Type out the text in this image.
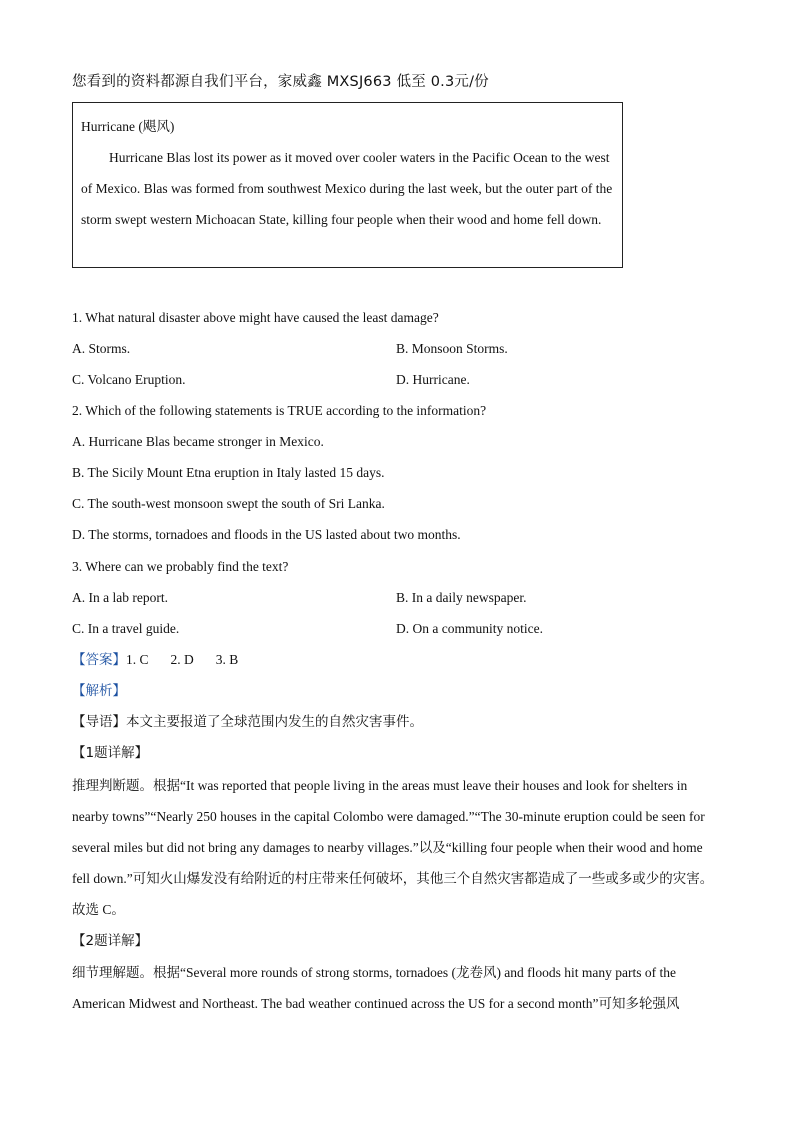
您看到的资料都源自我们平台，家威鑫 MXSJ663 低至 0.3元/份
Hurricane (飓风)

Hurricane Blas lost its power as it moved over cooler waters in the Pacific Ocean to the west of Mexico. Blas was formed from southwest Mexico during the last week, but the outer part of the storm swept western Michoacan State, killing four people when their wood and home fell down.

1. What natural disaster above might have caused the least damage?
A. Storms.	B. Monsoon Storms.
C. Volcano Eruption.	D. Hurricane.
2. Which of the following statements is TRUE according to the information?
A. Hurricane Blas became stronger in Mexico.
B. The Sicily Mount Etna eruption in Italy lasted 15 days.
C. The south-west monsoon swept the south of Sri Lanka.
D. The storms, tornadoes and floods in the US lasted about two months.
3. Where can we probably find the text?
A. In a lab report.	B. In a daily newspaper.
C. In a travel guide.	D. On a community notice.
【答案】1. C 2. D 3. B
【解析】
【导语】本文主要报道了全球范围内发生的自然灾害事件。
【1题详解】

推理判断题。根据“It was reported that people living in the areas must leave their houses and look for shelters in nearby towns”“Nearly 250 houses in the capital Colombo were damaged.”“The 30-minute eruption could be seen for several miles but did not bring any damages to nearby villages.”以及“killing four people when their wood and home fell down.”可知火山爆发没有给附近的村庄带来任何破坏，其他三个自然灾害都造成了一些或多或少的灾害。故选 C。

【2题详解】

细节理解题。根据“Several more rounds of strong storms, tornadoes (龙卷风) and floods hit many parts of the American Midwest and Northeast. The bad weather continued across the US for a second month”可知多轮强风
